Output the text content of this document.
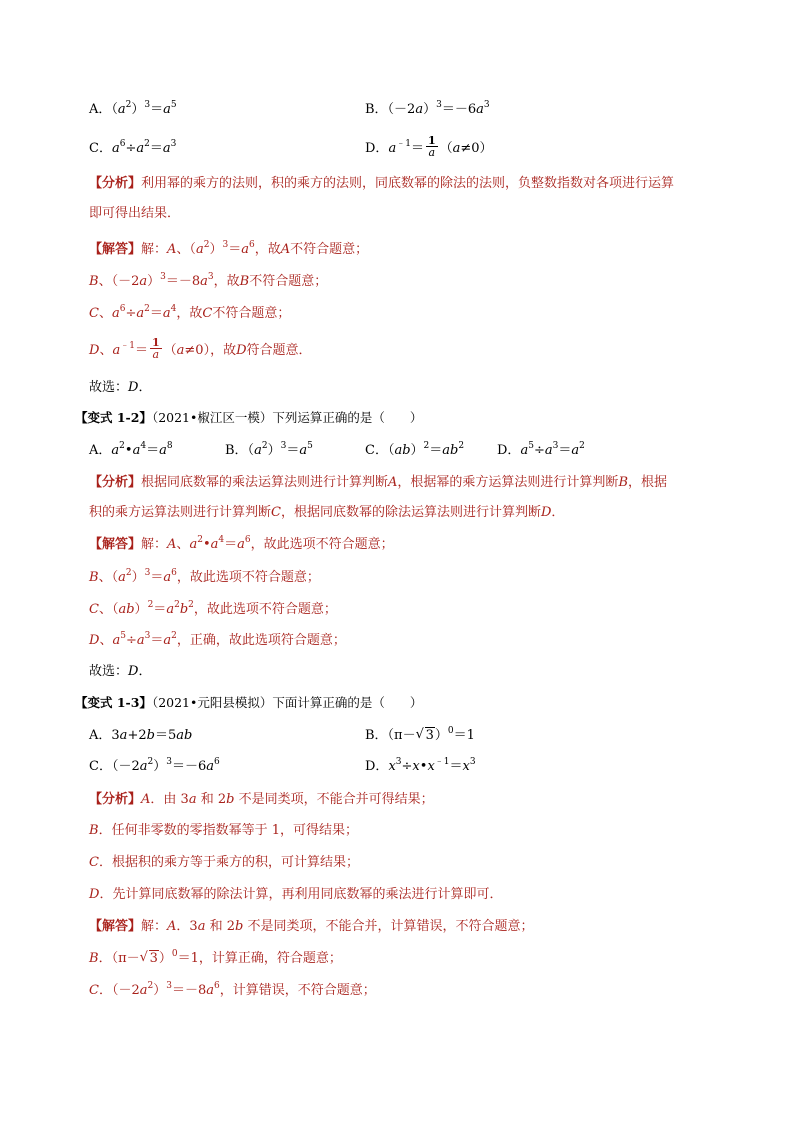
A．$(a^2)^3=a^5$	B．$(-2a)^3=-6a^3$
C．$a^6\div a^2=a^3$	D．$a^{﹣1}= \frac{1}{a} (a\ne 0)$
【分析】利用幂的乘方的法则，积的乘方的法则，同底数幂的除法的法则，负整数指数对各项进行运算
即可得出结果．
【解答】解：A、$(a^2)^3=a^6$，故A不符合题意；
B、$(-2a)^3=-8a^3$，故B不符合题意；
C、$a^6\div a^2=a^4$，故C不符合题意；
D、$a^{﹣1}= \frac{1}{a} (a\ne 0)$，故D符合题意．
故选：D．
【变式 1-2】（2021•椒江区一模）下列运算正确的是（　　）
A．$a^2•a^4=a^8$	B．$(a^2)^3=a^5$	C．$(ab)^2=ab^2$	D．$a^5\div a^3=a^2$
【分析】根据同底数幂的乘法运算法则进行计算判断A，根据幂的乘方运算法则进行计算判断B，根据
积的乘方运算法则进行计算判断C，根据同底数幂的除法运算法则进行计算判断D．
【解答】解：A、$a^2•a^4=a^6$，故此选项不符合题意；
B、$(a^2)^3=a^6$，故此选项不符合题意；
C、$(ab)^2=a^2b^2$，故此选项不符合题意；
D、$a^5\div a^3=a^2$，正确，故此选项符合题意；
故选：D．
【变式 1-3】（2021•元阳县模拟）下面计算正确的是（　　）
A．3a+2b＝5ab	B．（π－ √ 3）$^0$＝1
C．$(-2a^2)^3=-6a^6$	D．$x^3\div x•x^{﹣1}=x^3$
【分析】A．由 3a 和 2b 不是同类项，不能合并可得结果；
B．任何非零数的零指数幂等于 1，可得结果；
C．根据积的乘方等于乘方的积，可计算结果；
D．先计算同底数幂的除法计算，再利用同底数幂的乘法进行计算即可．
【解答】解：A．3a 和 2b 不是同类项，不能合并，计算错误，不符合题意；
B．（π－ √ 3）$^0$＝1，计算正确，符合题意；
C．$(-2a^2)^3=-8a^6$，计算错误，不符合题意；
